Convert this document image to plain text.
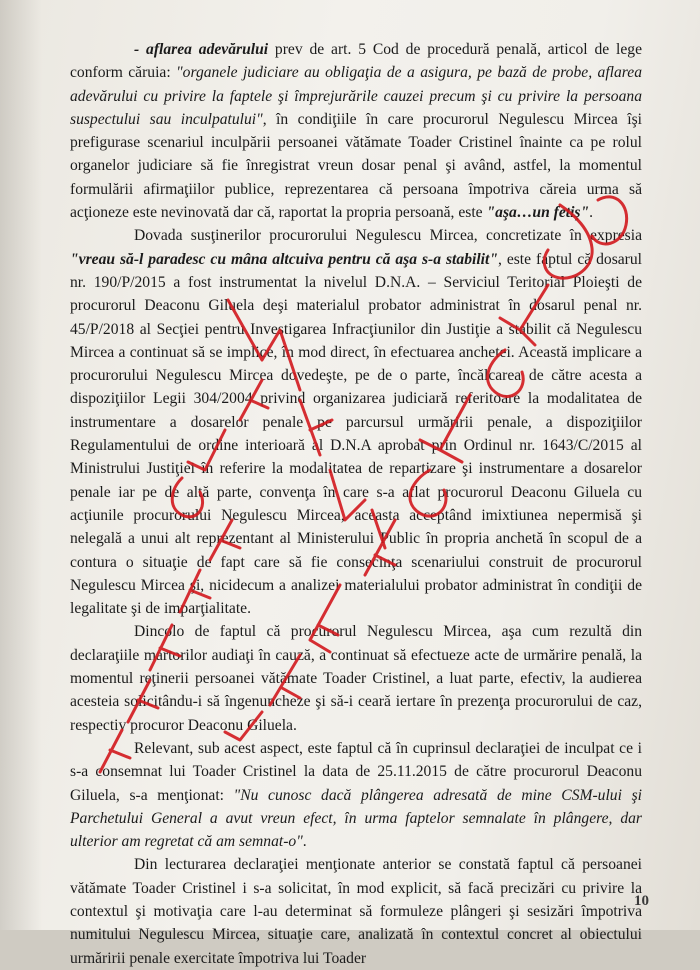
- aflarea adevărului prev de art. 5 Cod de procedură penală, articol de lege conform căruia: "organele judiciare au obligaţia de a asigura, pe bază de probe, aflarea adevărului cu privire la faptele şi împrejurările cauzei precum şi cu privire la persoana suspectului sau inculpatului", în condiţiile în care procurorul Negulescu Mircea îşi prefigurase scenariul inculpării persoanei vătămate Toader Cristinel înainte ca pe rolul organelor judiciare să fie înregistrat vreun dosar penal şi având, astfel, la momentul formulării afirmaţiilor publice, reprezentarea că persoana împotriva căreia urma să acţioneze este nevinovată dar că, raportat la propria persoană, este "aşa…un fetiş".

Dovada susţinerilor procurorului Negulescu Mircea, concretizate în expresia "vreau să-l paradesc cu mâna altcuiva pentru că aşa s-a stabilit", este faptul că dosarul nr. 190/P/2015 a fost instrumentat la nivelul D.N.A. – Serviciul Teritorial Ploieşti de procurorul Deaconu Giluela deşi materialul probator administrat în dosarul penal nr. 45/P/2018 al Secţiei pentru Investigarea Infracţiunilor din Justiţie a stabilit că Negulescu Mircea a continuat să se implice, în mod direct, în efectuarea anchetei. Această implicare a procurorului Negulescu Mircea dovedeşte, pe de o parte, încălcarea de către acesta a dispoziţiilor Legii 304/2004 privind organizarea judiciară referitoare la modalitatea de instrumentare a dosarelor penale pe parcursul urmăririi penale, a dispoziţiilor Regulamentului de ordine interioară al D.N.A aprobat prin Ordinul nr. 1643/C/2015 al Ministrului Justiţiei în referire la modalitatea de repartizare şi instrumentare a dosarelor penale iar pe de altă parte, convenţa în care s-a aflat procurorul Deaconu Giluela cu acţiunile procurorului Negulescu Mircea, aceasta acceptând imixtiunea nepermisă şi nelegală a unui alt reprezentant al Ministerului Public în propria anchetă în scopul de a contura o situaţie de fapt care să fie consecinţa scenariului construit de procurorul Negulescu Mircea şi, nicidecum a analizei materialului probator administrat în condiţii de legalitate şi de imparţialitate.

Dincolo de faptul că procurorul Negulescu Mircea, aşa cum rezultă din declaraţiile martorilor audiaţi în cauză, a continuat să efectueze acte de urmărire penală, la momentul reţinerii persoanei vătămate Toader Cristinel, a luat parte, efectiv, la audierea acesteia solicitându-i să îngenuncheze şi să-i ceară iertare în prezenţa procurorului de caz, respectiv procuror Deaconu Giluela.

Relevant, sub acest aspect, este faptul că în cuprinsul declaraţiei de inculpat ce i s-a consemnat lui Toader Cristinel la data de 25.11.2015 de către procurorul Deaconu Giluela, s-a menţionat: "Nu cunosc dacă plângerea adresată de mine CSM-ului şi Parchetului General a avut vreun efect, în urma faptelor semnalate în plângere, dar ulterior am regretat că am semnat-o".

Din lecturarea declaraţiei menţionate anterior se constată faptul că persoanei vătămate Toader Cristinel i s-a solicitat, în mod explicit, să facă precizări cu privire la contextul şi motivaţia care l-au determinat să formuleze plângeri şi sesizări împotriva numitului Negulescu Mircea, situaţie care, analizată în contextul concret al obiectului urmăririi penale exercitate împotriva lui Toader

10
